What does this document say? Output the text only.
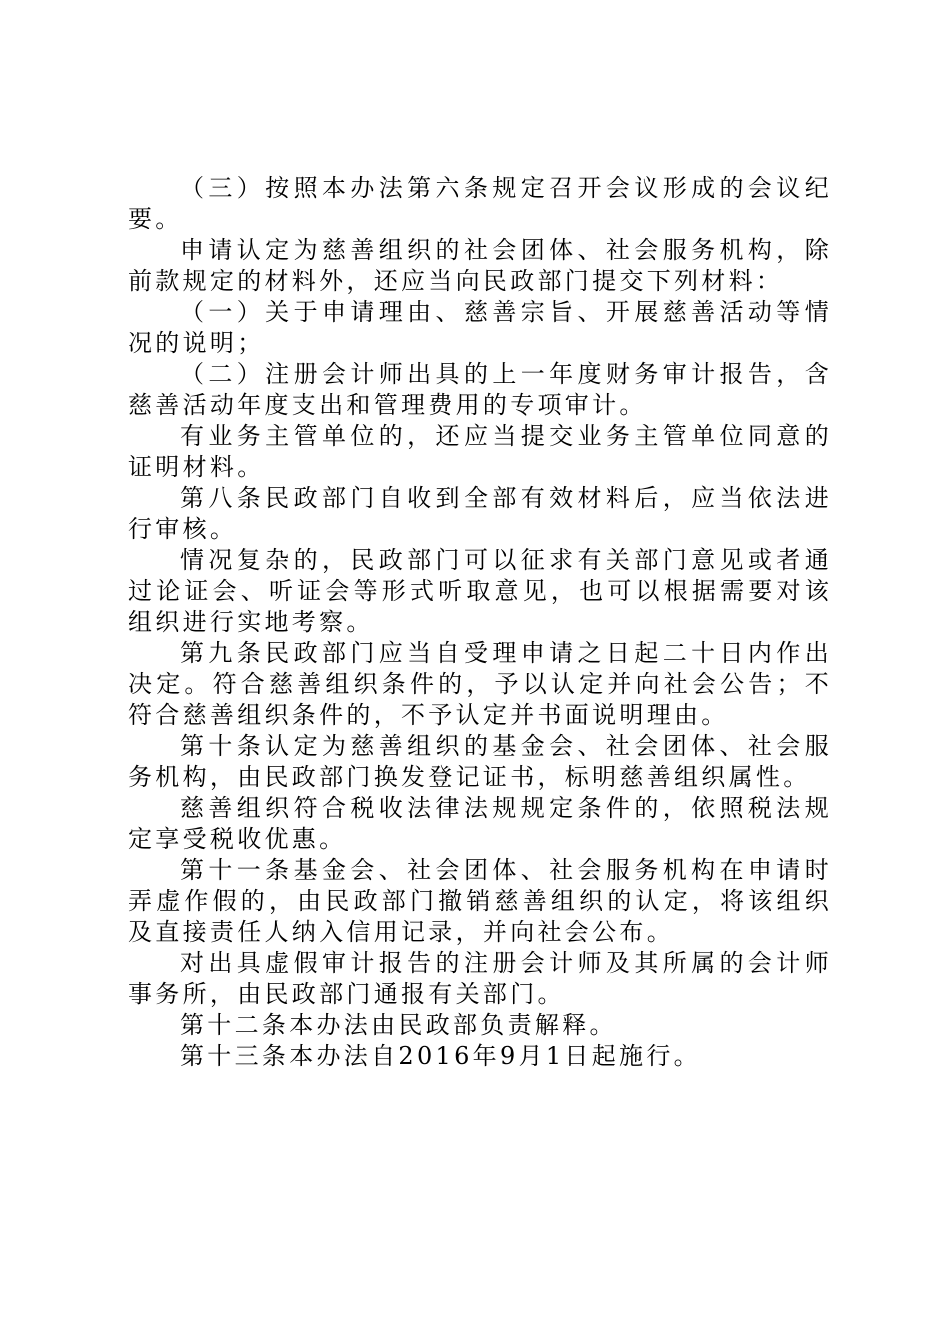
（三）按照本办法第六条规定召开会议形成的会议纪要。

申请认定为慈善组织的社会团体、社会服务机构，除前款规定的材料外，还应当向民政部门提交下列材料：

（一）关于申请理由、慈善宗旨、开展慈善活动等情况的说明；

（二）注册会计师出具的上一年度财务审计报告，含慈善活动年度支出和管理费用的专项审计。

有业务主管单位的，还应当提交业务主管单位同意的证明材料。

第八条民政部门自收到全部有效材料后，应当依法进行审核。

情况复杂的，民政部门可以征求有关部门意见或者通过论证会、听证会等形式听取意见，也可以根据需要对该组织进行实地考察。

第九条民政部门应当自受理申请之日起二十日内作出决定。符合慈善组织条件的，予以认定并向社会公告；不符合慈善组织条件的，不予认定并书面说明理由。

第十条认定为慈善组织的基金会、社会团体、社会服务机构，由民政部门换发登记证书，标明慈善组织属性。

慈善组织符合税收法律法规规定条件的，依照税法规定享受税收优惠。

第十一条基金会、社会团体、社会服务机构在申请时弄虚作假的，由民政部门撤销慈善组织的认定，将该组织及直接责任人纳入信用记录，并向社会公布。

对出具虚假审计报告的注册会计师及其所属的会计师事务所，由民政部门通报有关部门。

第十二条本办法由民政部负责解释。

第十三条本办法自2016年9月1日起施行。
